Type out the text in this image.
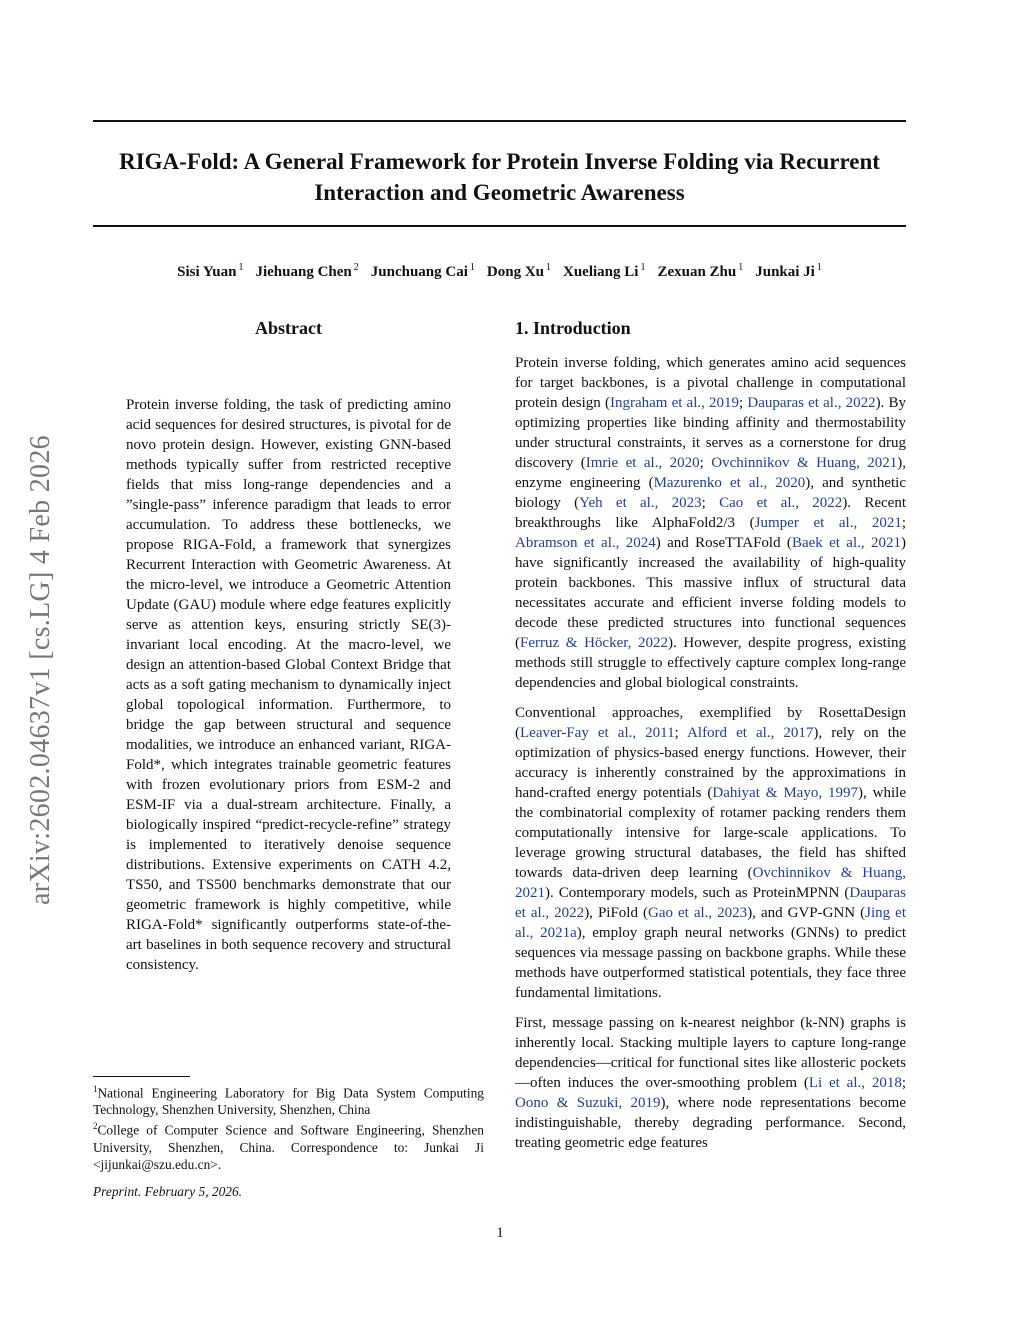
RIGA-Fold: A General Framework for Protein Inverse Folding via Recurrent Interaction and Geometric Awareness
Sisi Yuan $^1$ Jiehuang Chen $^2$ Junchuang Cai $^1$ Dong Xu $^1$ Xueliang Li $^1$ Zexuan Zhu $^1$ Junkai Ji $^1$
arXiv:2602.04637v1 [cs.LG] 4 Feb 2026
Abstract

Protein inverse folding, the task of predicting amino acid sequences for desired structures, is pivotal for de novo protein design. However, existing GNN-based methods typically suffer from restricted receptive fields that miss long-range dependencies and a ”single-pass” inference paradigm that leads to error accumulation. To address these bottlenecks, we propose RIGA-Fold, a framework that synergizes Recurrent Interaction with Geometric Awareness. At the micro-level, we introduce a Geometric Attention Update (GAU) module where edge features explicitly serve as attention keys, ensuring strictly SE(3)-invariant local encoding. At the macro-level, we design an attention-based Global Context Bridge that acts as a soft gating mechanism to dynamically inject global topological information. Furthermore, to bridge the gap between structural and sequence modalities, we introduce an enhanced variant, RIGA-Fold*, which integrates trainable geometric features with frozen evolutionary priors from ESM-2 and ESM-IF via a dual-stream architecture. Finally, a biologically inspired “predict-recycle-refine” strategy is implemented to iteratively denoise sequence distributions. Extensive experiments on CATH 4.2, TS50, and TS500 benchmarks demonstrate that our geometric framework is highly competitive, while RIGA-Fold* significantly outperforms state-of-the-art baselines in both sequence recovery and structural consistency.

1. Introduction

Protein inverse folding, which generates amino acid sequences for target backbones, is a pivotal challenge in computational protein design (Ingraham et al., 2019; Dauparas et al., 2022). By optimizing properties like binding affinity and thermostability under structural constraints, it serves as a cornerstone for drug discovery (Imrie et al., 2020; Ovchinnikov & Huang, 2021), enzyme engineering (Mazurenko et al., 2020), and synthetic biology (Yeh et al., 2023; Cao et al., 2022). Recent breakthroughs like AlphaFold2/3 (Jumper et al., 2021; Abramson et al., 2024) and RoseTTAFold (Baek et al., 2021) have significantly increased the availability of high-quality protein backbones. This massive influx of structural data necessitates accurate and efficient inverse folding models to decode these predicted structures into functional sequences (Ferruz & Höcker, 2022). However, despite progress, existing methods still struggle to effectively capture complex long-range dependencies and global biological constraints.

Conventional approaches, exemplified by RosettaDesign (Leaver-Fay et al., 2011; Alford et al., 2017), rely on the optimization of physics-based energy functions. However, their accuracy is inherently constrained by the approximations in hand-crafted energy potentials (Dahiyat & Mayo, 1997), while the combinatorial complexity of rotamer packing renders them computationally intensive for large-scale applications. To leverage growing structural databases, the field has shifted towards data-driven deep learning (Ovchinnikov & Huang, 2021). Contemporary models, such as ProteinMPNN (Dauparas et al., 2022), PiFold (Gao et al., 2023), and GVP-GNN (Jing et al., 2021a), employ graph neural networks (GNNs) to predict sequences via message passing on backbone graphs. While these methods have outperformed statistical potentials, they face three fundamental limitations.

First, message passing on k-nearest neighbor (k-NN) graphs is inherently local. Stacking multiple layers to capture long-range dependencies—critical for functional sites like allosteric pockets—often induces the over-smoothing problem (Li et al., 2018; Oono & Suzuki, 2019), where node representations become indistinguishable, thereby degrading performance. Second, treating geometric edge features

$^1$National Engineering Laboratory for Big Data System Computing Technology, Shenzhen University, Shenzhen, China
$^2$College of Computer Science and Software Engineering, Shenzhen University, Shenzhen, China. Correspondence to: Junkai Ji <jijunkai@szu.edu.cn>.
Preprint. February 5, 2026.
1
